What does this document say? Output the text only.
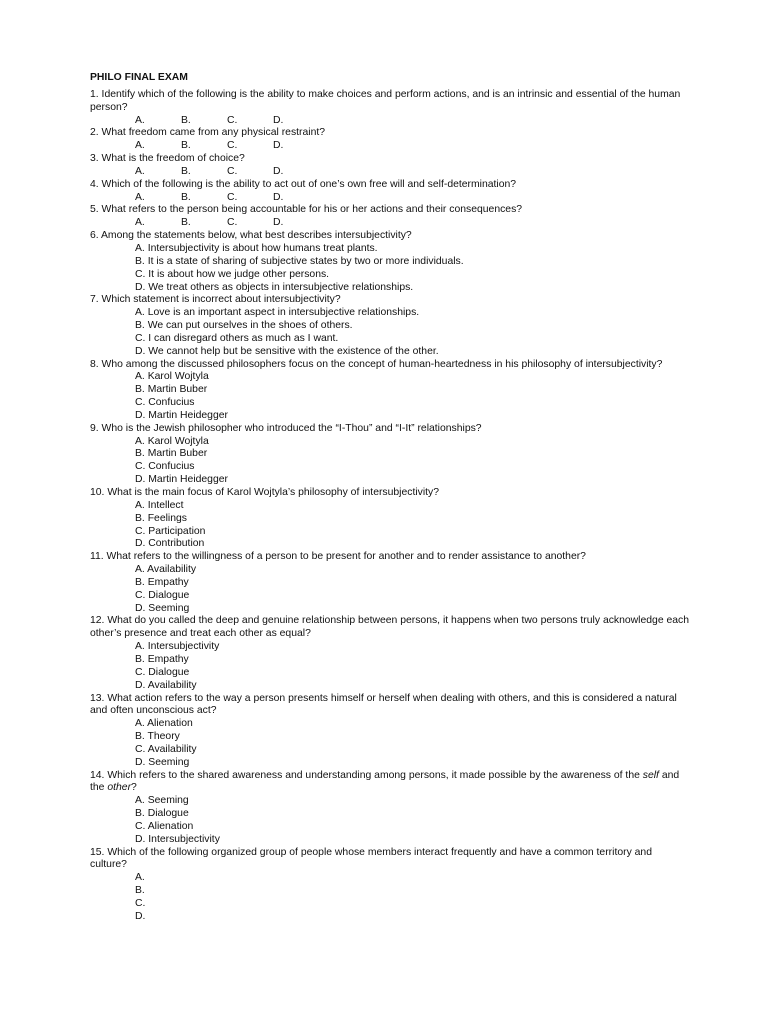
PHILO FINAL EXAM
1. Identify which of the following is the ability to make choices and perform actions, and is an intrinsic and essential of the human person?
A.	B.	C.	D.
2. What freedom came from any physical restraint?
A.	B.	C.	D.
3. What is the freedom of choice?
A.	B.	C.	D.
4. Which of the following is the ability to act out of one’s own free will and self-determination?
A.	B.	C.	D.
5. What refers to the person being accountable for his or her actions and their consequences?
A.	B.	C.	D.
6. Among the statements below, what best describes intersubjectivity?
A. Intersubjectivity is about how humans treat plants.
B. It is a state of sharing of subjective states by two or more individuals.
C. It is about how we judge other persons.
D. We treat others as objects in intersubjective relationships.
7. Which statement is incorrect about intersubjectivity?
A. Love is an important aspect in intersubjective relationships.
B. We can put ourselves in the shoes of others.
C. I can disregard others as much as I want.
D. We cannot help but be sensitive with the existence of the other.
8. Who among the discussed philosophers focus on the concept of human-heartedness in his philosophy of intersubjectivity?
A. Karol Wojtyla
B. Martin Buber
C. Confucius
D. Martin Heidegger
9. Who is the Jewish philosopher who introduced the “I-Thou” and “I-It” relationships?
A. Karol Wojtyla
B. Martin Buber
C. Confucius
D. Martin Heidegger
10. What is the main focus of Karol Wojtyla’s philosophy of intersubjectivity?
A. Intellect
B. Feelings
C. Participation
D. Contribution
11. What refers to the willingness of a person to be present for another and to render assistance to another?
A. Availability
B. Empathy
C. Dialogue
D. Seeming
12. What do you called the deep and genuine relationship between persons, it happens when two persons truly acknowledge each other’s presence and treat each other as equal?
A. Intersubjectivity
B. Empathy
C. Dialogue
D. Availability
13. What action refers to the way a person presents himself or herself when dealing with others, and this is considered a natural and often unconscious act?
A. Alienation
B. Theory
C. Availability
D. Seeming
14. Which refers to the shared awareness and understanding among persons, it made possible by the awareness of the self and the other?
A. Seeming
B. Dialogue
C. Alienation
D. Intersubjectivity
15. Which of the following organized group of people whose members interact frequently and have a common territory and culture?
A.
B.
C.
D.
